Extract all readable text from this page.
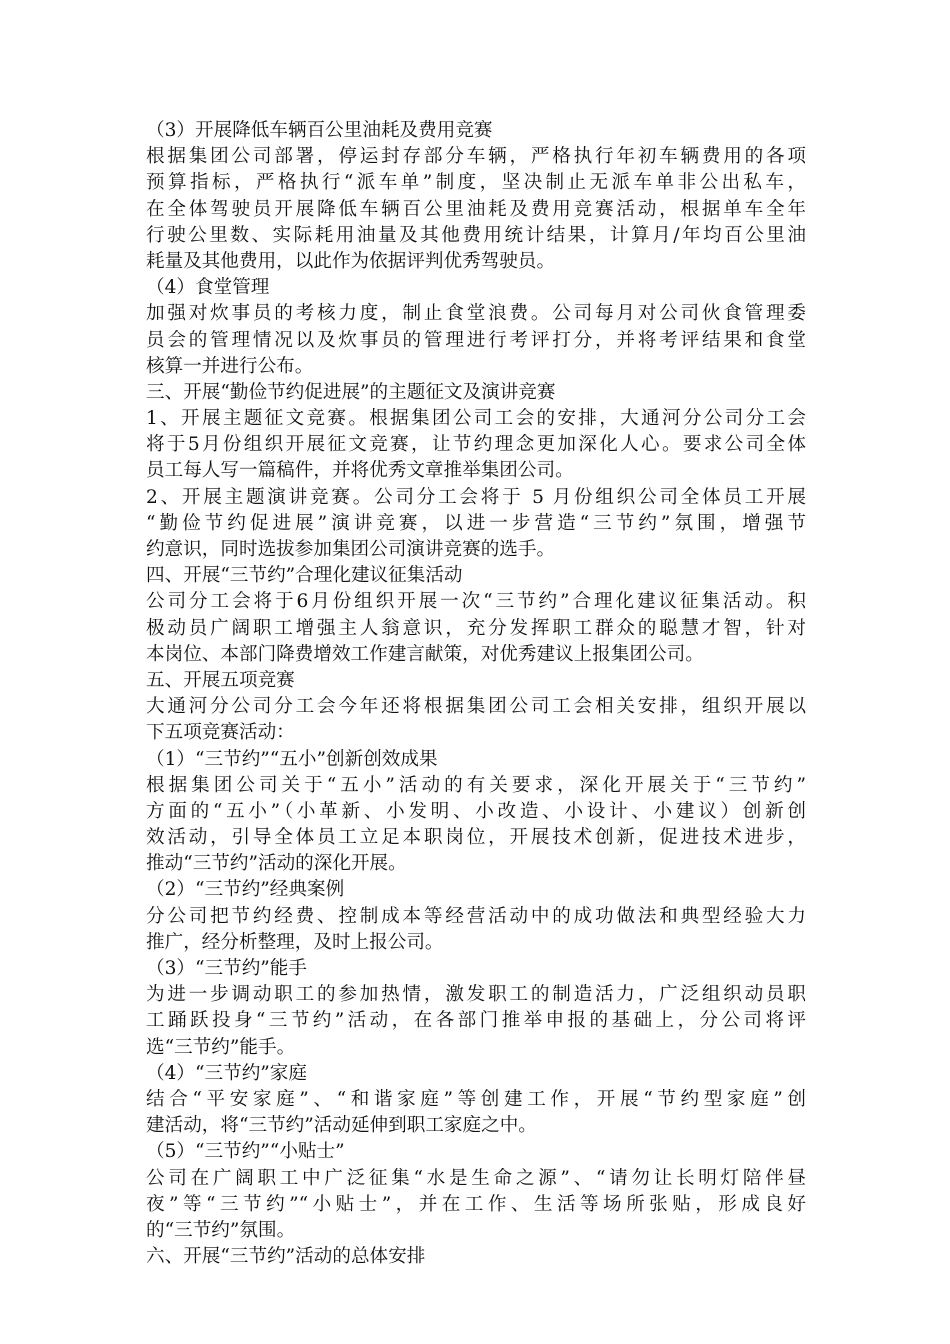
（3）开展降低车辆百公里油耗及费用竞赛
根据集团公司部署，停运封存部分车辆，严格执行年初车辆费用的各项
预算指标，严格执行“派车单”制度，坚决制止无派车单非公出私车，
在全体驾驶员开展降低车辆百公里油耗及费用竞赛活动，根据单车全年
行驶公里数、实际耗用油量及其他费用统计结果，计算月/年均百公里油
耗量及其他费用，以此作为依据评判优秀驾驶员。
（4）食堂管理
加强对炊事员的考核力度，制止食堂浪费。公司每月对公司伙食管理委
员会的管理情况以及炊事员的管理进行考评打分，并将考评结果和食堂
核算一并进行公布。
三、开展“勤俭节约促进展”的主题征文及演讲竞赛
1、开展主题征文竞赛。根据集团公司工会的安排，大通河分公司分工会
将于5月份组织开展征文竞赛，让节约理念更加深化人心。要求公司全体
员工每人写一篇稿件，并将优秀文章推举集团公司。
2、开展主题演讲竞赛。公司分工会将于 5 月份组织公司全体员工开展
“勤俭节约促进展”演讲竞赛，以进一步营造“三节约”氛围，增强节
约意识，同时选拔参加集团公司演讲竞赛的选手。
四、开展“三节约”合理化建议征集活动
公司分工会将于6月份组织开展一次“三节约”合理化建议征集活动。积
极动员广阔职工增强主人翁意识，充分发挥职工群众的聪慧才智，针对
本岗位、本部门降费增效工作建言献策，对优秀建议上报集团公司。
五、开展五项竞赛
大通河分公司分工会今年还将根据集团公司工会相关安排，组织开展以
下五项竞赛活动：
（1）“三节约”“五小”创新创效成果
根据集团公司关于“五小”活动的有关要求，深化开展关于“三节约”
方面的“五小”（小革新、小发明、小改造、小设计、小建议）创新创
效活动，引导全体员工立足本职岗位，开展技术创新，促进技术进步，
推动“三节约”活动的深化开展。
（2）“三节约”经典案例
分公司把节约经费、控制成本等经营活动中的成功做法和典型经验大力
推广，经分析整理，及时上报公司。
（3）“三节约”能手
为进一步调动职工的参加热情，激发职工的制造活力，广泛组织动员职
工踊跃投身“三节约”活动，在各部门推举申报的基础上，分公司将评
选“三节约”能手。
（4）“三节约”家庭
结合“平安家庭”、“和谐家庭”等创建工作，开展“节约型家庭”创
建活动，将“三节约”活动延伸到职工家庭之中。
（5）“三节约”“小贴士”
公司在广阔职工中广泛征集“水是生命之源”、“请勿让长明灯陪伴昼
夜”等“三节约”“小贴士”，并在工作、生活等场所张贴，形成良好
的“三节约”氛围。
六、开展“三节约”活动的总体安排
